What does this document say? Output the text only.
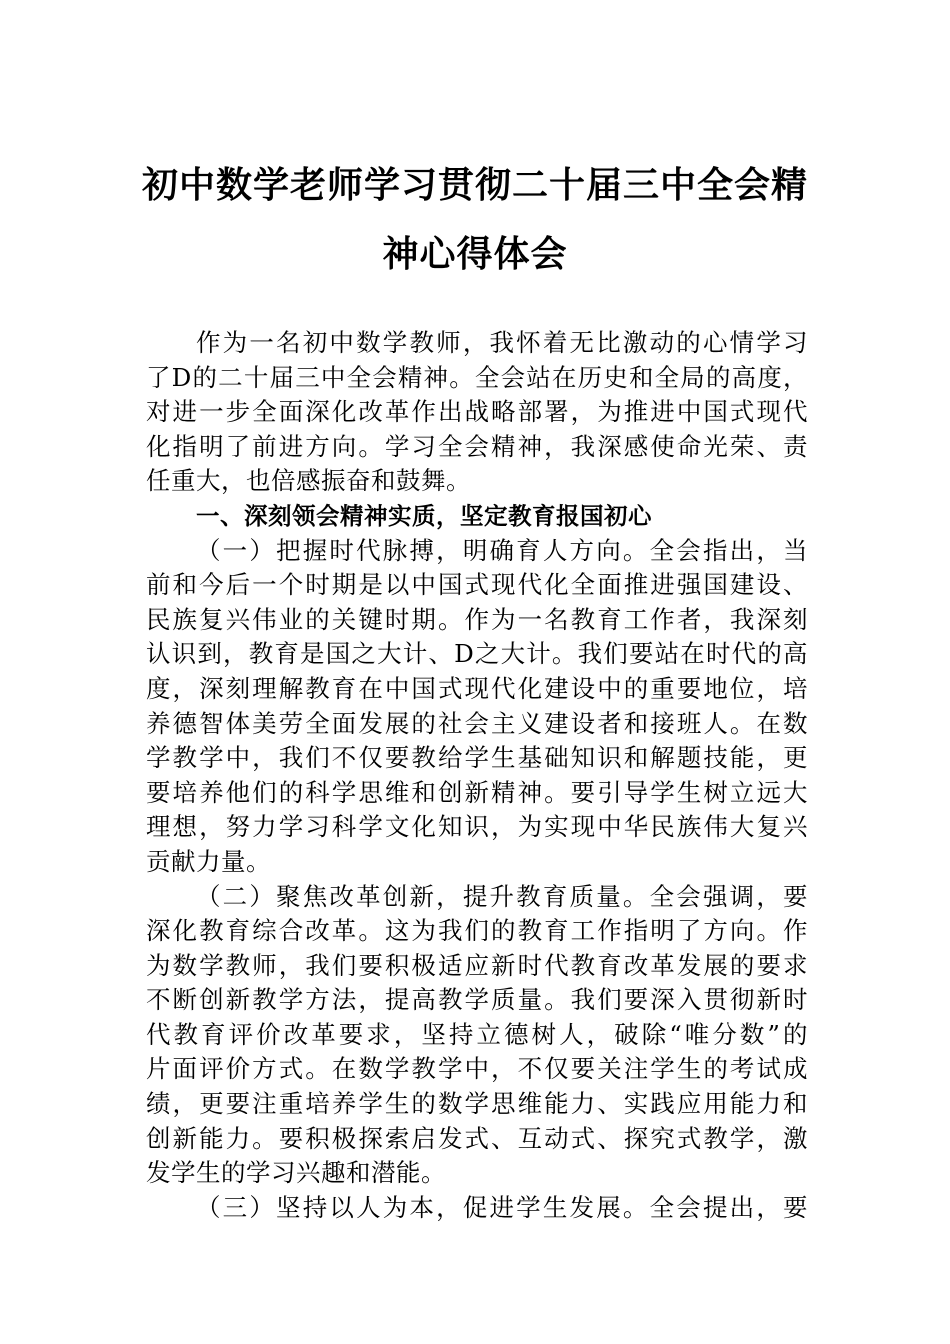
初中数学老师学习贯彻二十届三中全会精
神心得体会
作为一名初中数学教师，我怀着无比激动的心情学习
了D的二十届三中全会精神。全会站在历史和全局的高度，
对进一步全面深化改革作出战略部署，为推进中国式现代
化指明了前进方向。学习全会精神，我深感使命光荣、责
任重大，也倍感振奋和鼓舞。
一、深刻领会精神实质，坚定教育报国初心
（一）把握时代脉搏，明确育人方向。全会指出，当
前和今后一个时期是以中国式现代化全面推进强国建设、
民族复兴伟业的关键时期。作为一名教育工作者，我深刻
认识到，教育是国之大计、D之大计。我们要站在时代的高
度，深刻理解教育在中国式现代化建设中的重要地位，培
养德智体美劳全面发展的社会主义建设者和接班人。在数
学教学中，我们不仅要教给学生基础知识和解题技能，更
要培养他们的科学思维和创新精神。要引导学生树立远大
理想，努力学习科学文化知识，为实现中华民族伟大复兴
贡献力量。
（二）聚焦改革创新，提升教育质量。全会强调，要
深化教育综合改革。这为我们的教育工作指明了方向。作
为数学教师，我们要积极适应新时代教育改革发展的要求
不断创新教学方法，提高教学质量。我们要深入贯彻新时
代教育评价改革要求，坚持立德树人，破除“唯分数”的
片面评价方式。在数学教学中，不仅要关注学生的考试成
绩，更要注重培养学生的数学思维能力、实践应用能力和
创新能力。要积极探索启发式、互动式、探究式教学，激
发学生的学习兴趣和潜能。
（三）坚持以人为本，促进学生发展。全会提出，要
